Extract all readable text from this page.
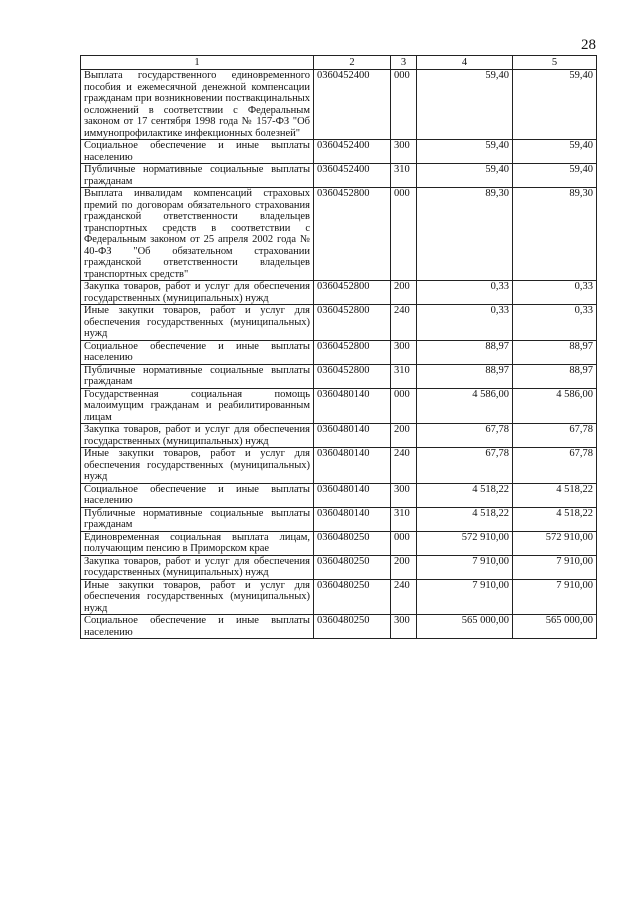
28
1	2	3	4	5
Выплата государственного единовременного пособия и ежемесячной денежной компенсации гражданам при возникновении поствакцинальных осложнений в соответствии с Федеральным законом от 17 сентября 1998 года № 157-ФЗ "Об иммунопрофилактике инфекционных болезней"	0360452400	000	59,40	59,40
Социальное обеспечение и иные выплаты населению	0360452400	300	59,40	59,40
Публичные нормативные социальные выплаты гражданам	0360452400	310	59,40	59,40
Выплата инвалидам компенсаций страховых премий по договорам обязательного страхования гражданской ответственности владельцев транспортных средств в соответствии с Федеральным законом от 25 апреля 2002 года № 40-ФЗ "Об обязательном страховании гражданской ответственности владельцев транспортных средств"	0360452800	000	89,30	89,30
Закупка товаров, работ и услуг для обеспечения государственных (муниципальных) нужд	0360452800	200	0,33	0,33
Иные закупки товаров, работ и услуг для обеспечения государственных (муниципальных) нужд	0360452800	240	0,33	0,33
Социальное обеспечение и иные выплаты населению	0360452800	300	88,97	88,97
Публичные нормативные социальные выплаты гражданам	0360452800	310	88,97	88,97
Государственная социальная помощь малоимущим гражданам и реабилитированным лицам	0360480140	000	4 586,00	4 586,00
Закупка товаров, работ и услуг для обеспечения государственных (муниципальных) нужд	0360480140	200	67,78	67,78
Иные закупки товаров, работ и услуг для обеспечения государственных (муниципальных) нужд	0360480140	240	67,78	67,78
Социальное обеспечение и иные выплаты населению	0360480140	300	4 518,22	4 518,22
Публичные нормативные социальные выплаты гражданам	0360480140	310	4 518,22	4 518,22
Единовременная социальная выплата лицам, получающим пенсию в Приморском крае	0360480250	000	572 910,00	572 910,00
Закупка товаров, работ и услуг для обеспечения государственных (муниципальных) нужд	0360480250	200	7 910,00	7 910,00
Иные закупки товаров, работ и услуг для обеспечения государственных (муниципальных) нужд	0360480250	240	7 910,00	7 910,00
Социальное обеспечение и иные выплаты населению	0360480250	300	565 000,00	565 000,00
